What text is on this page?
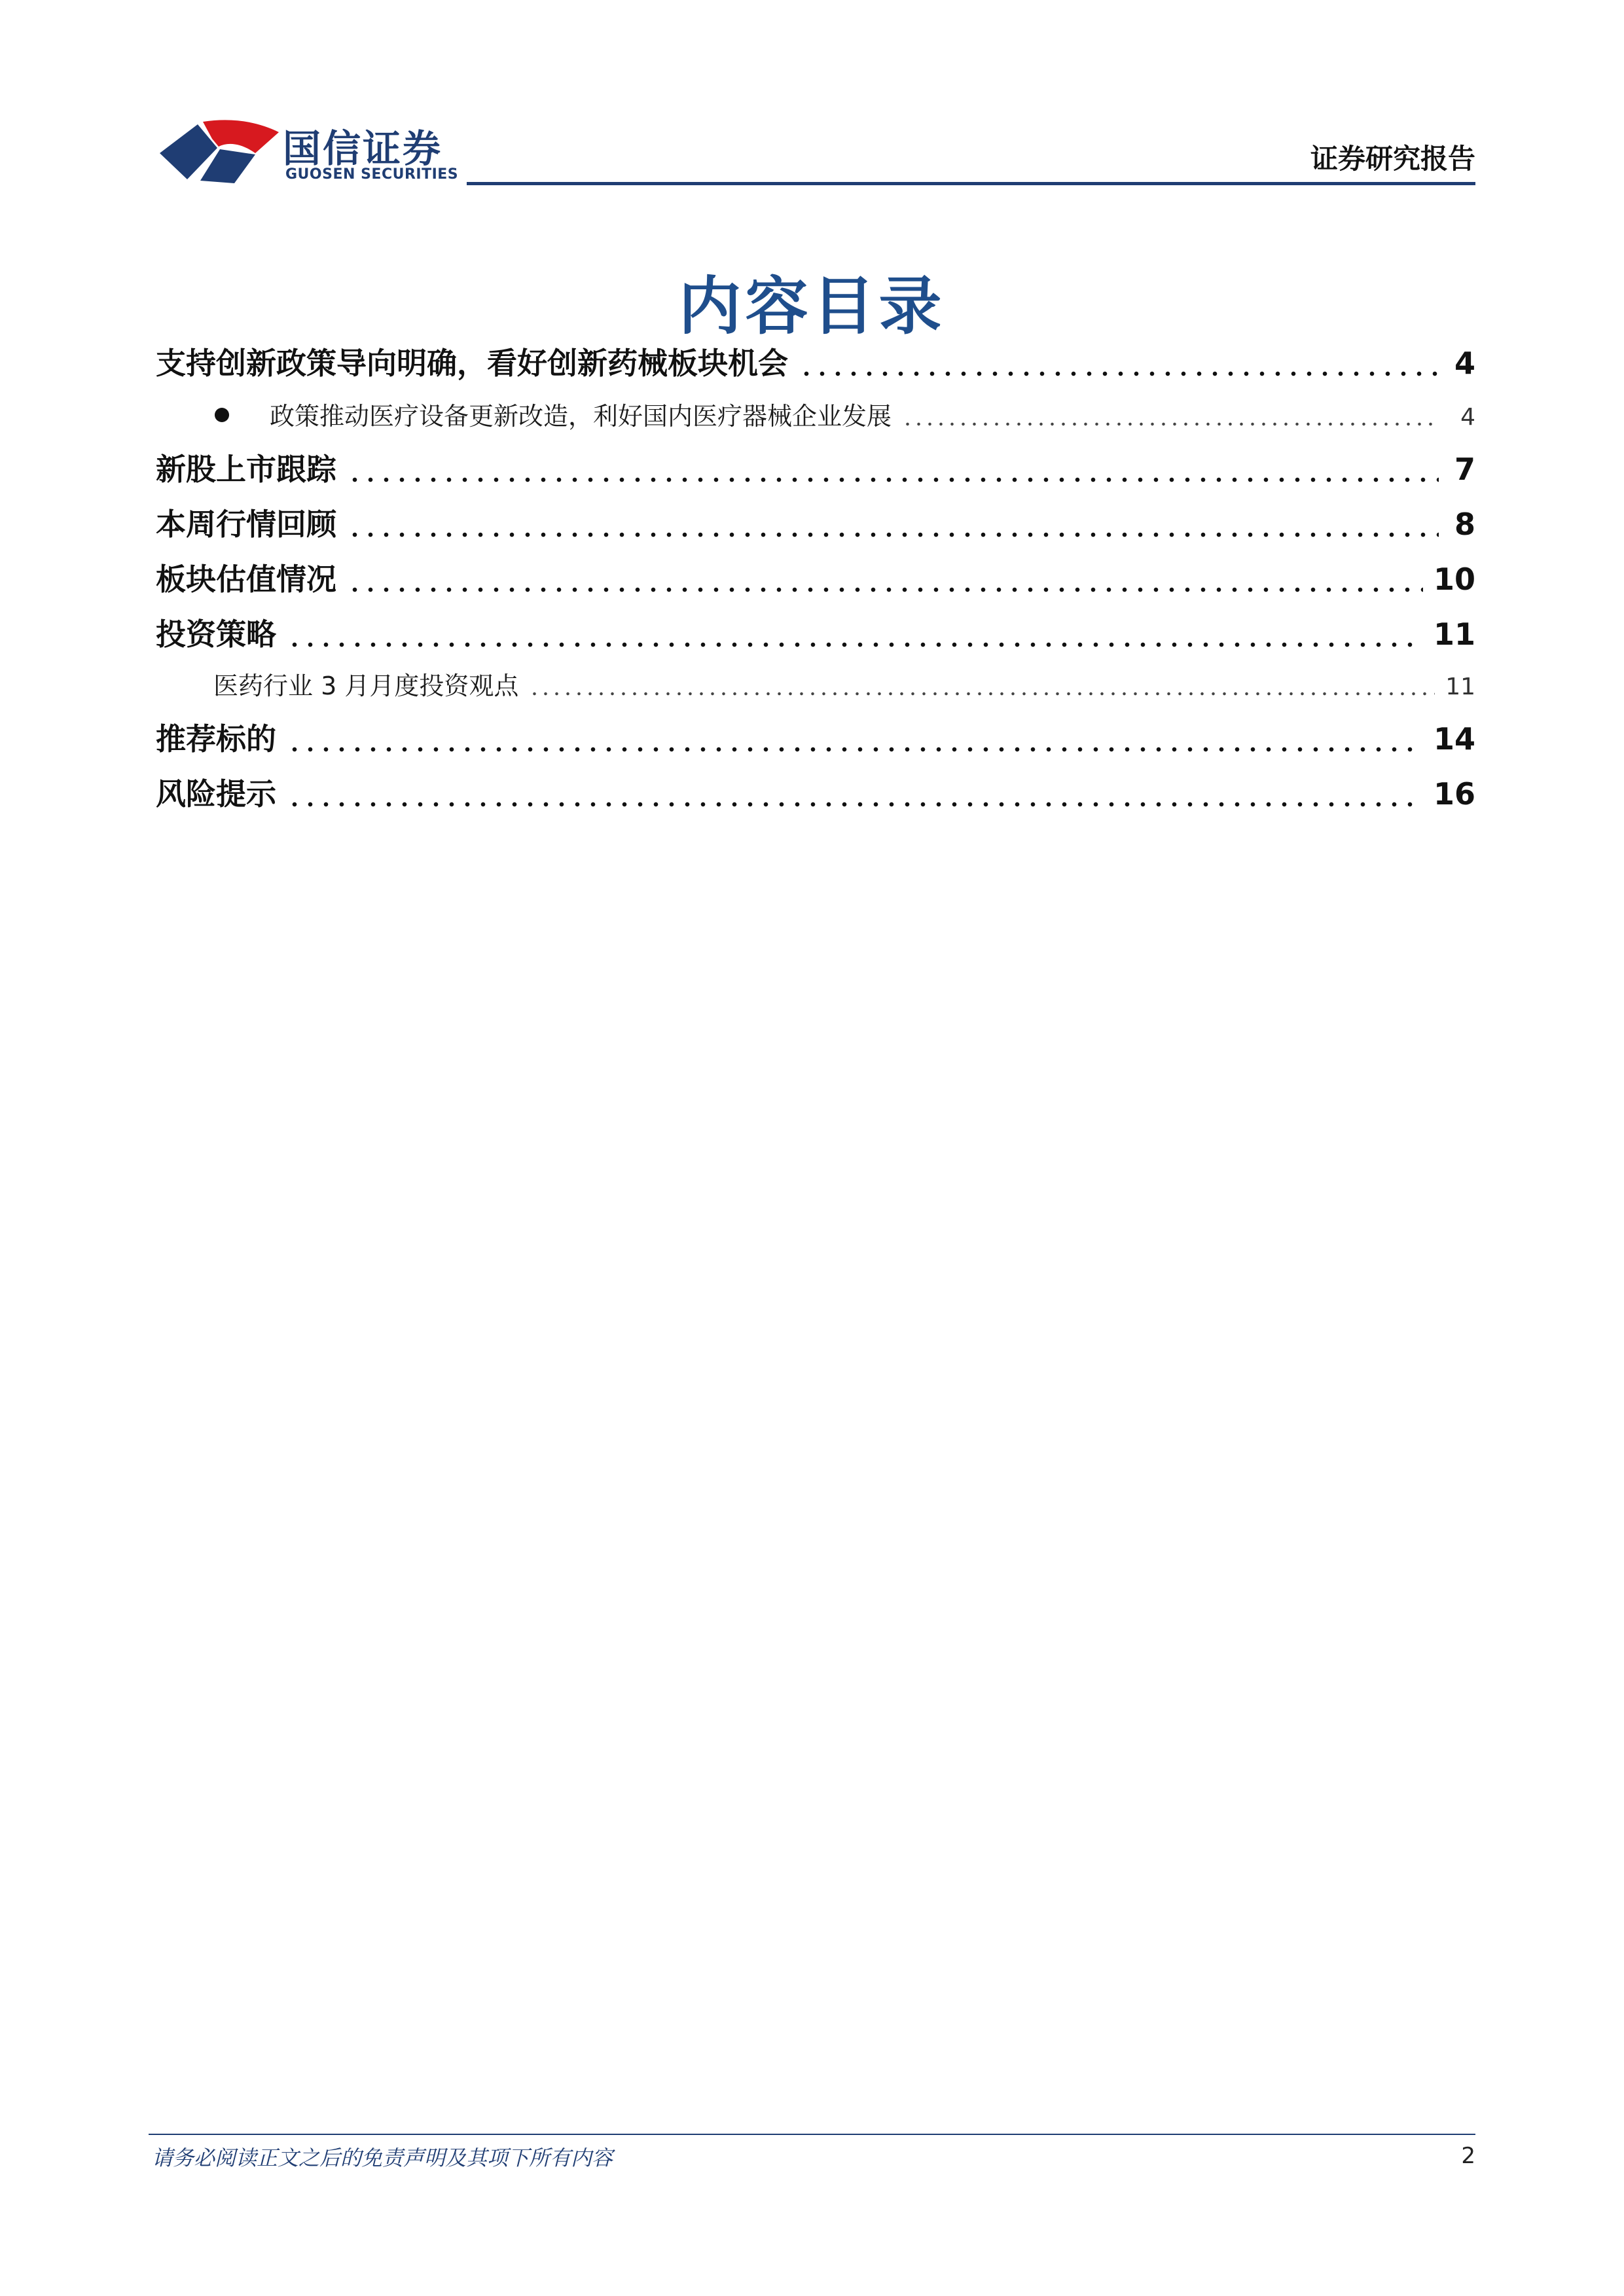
国信证券
GUOSEN SECURITIES	证券研究报告
内容目录
支持创新政策导向明确，看好创新药械板块机会	4
政策推动医疗设备更新改造，利好国内医疗器械企业发展	4
新股上市跟踪	7
本周行情回顾	8
板块估值情况	10
投资策略	11
医药行业 3 月月度投资观点	11
推荐标的	14
风险提示	16
请务必阅读正文之后的免责声明及其项下所有内容	2
